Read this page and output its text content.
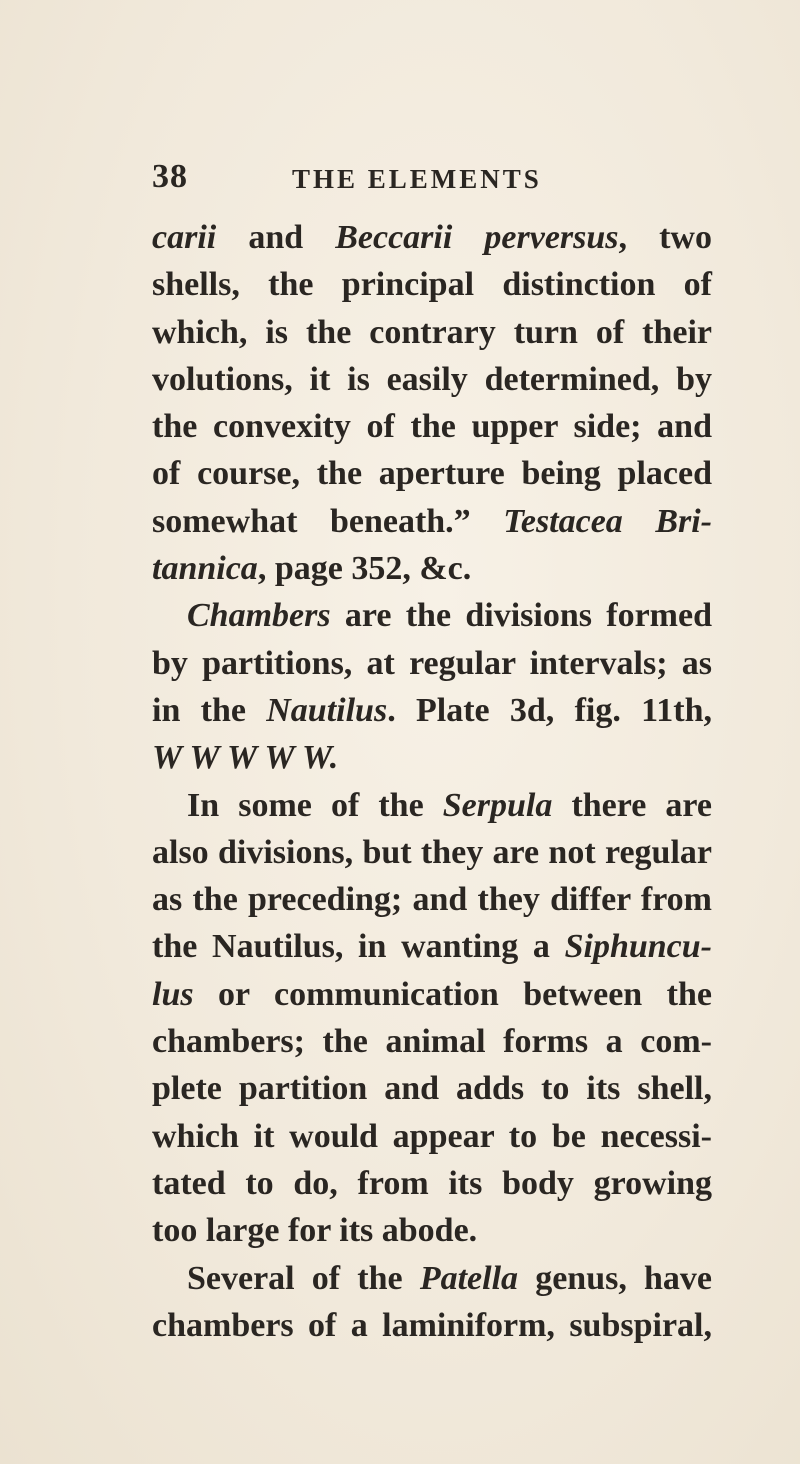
38	THE ELEMENTS
carii and Beccarii perversus, two
shells, the principal distinction of
which, is the contrary turn of their
volutions, it is easily determined, by
the convexity of the upper side; and
of course, the aperture being placed
somewhat beneath.” Testacea Bri-
tannica, page 352, &c.
Chambers are the divisions formed
by partitions, at regular intervals; as
in the Nautilus. Plate 3d, fig. 11th,
W W W W W.
In some of the Serpula there are
also divisions, but they are not regular
as the preceding; and they differ from
the Nautilus, in wanting a Siphuncu-
lus or communication between the
chambers; the animal forms a com-
plete partition and adds to its shell,
which it would appear to be necessi-
tated to do, from its body growing
too large for its abode.
Several of the Patella genus, have
chambers of a laminiform, subspiral,
